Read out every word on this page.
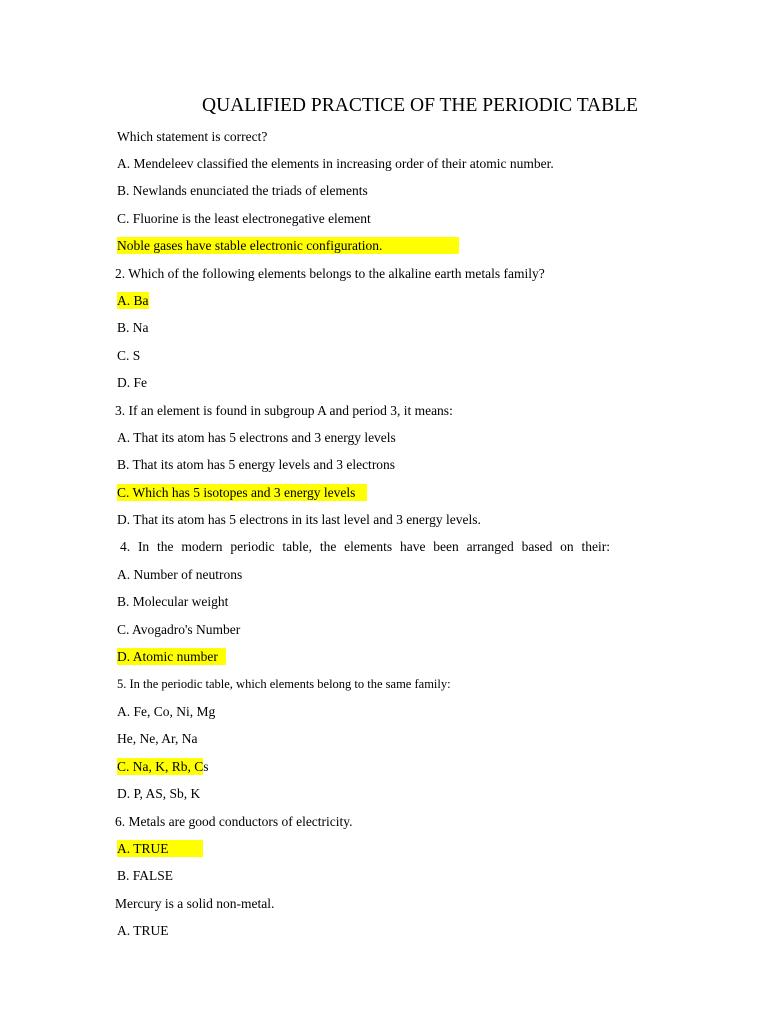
QUALIFIED PRACTICE OF THE PERIODIC TABLE

Which statement is correct?

A. Mendeleev classified the elements in increasing order of their atomic number.

B. Newlands enunciated the triads of elements

C. Fluorine is the least electronegative element

Noble gases have stable electronic configuration.

2. Which of the following elements belongs to the alkaline earth metals family?

A. Ba

B. Na

C. S

D. Fe

3. If an element is found in subgroup A and period 3, it means:

A. That its atom has 5 electrons and 3 energy levels

B. That its atom has 5 energy levels and 3 electrons

C. Which has 5 isotopes and 3 energy levels

D. That its atom has 5 electrons in its last level and 3 energy levels.

4. In the modern periodic table, the elements have been arranged based on their:

A. Number of neutrons

B. Molecular weight

C. Avogadro's Number

D. Atomic number

5. In the periodic table, which elements belong to the same family:

A. Fe, Co, Ni, Mg

He, Ne, Ar, Na

C. Na, K, Rb, Cs

D. P, AS, Sb, K

6. Metals are good conductors of electricity.

A. TRUE

B. FALSE

Mercury is a solid non-metal.

A. TRUE
